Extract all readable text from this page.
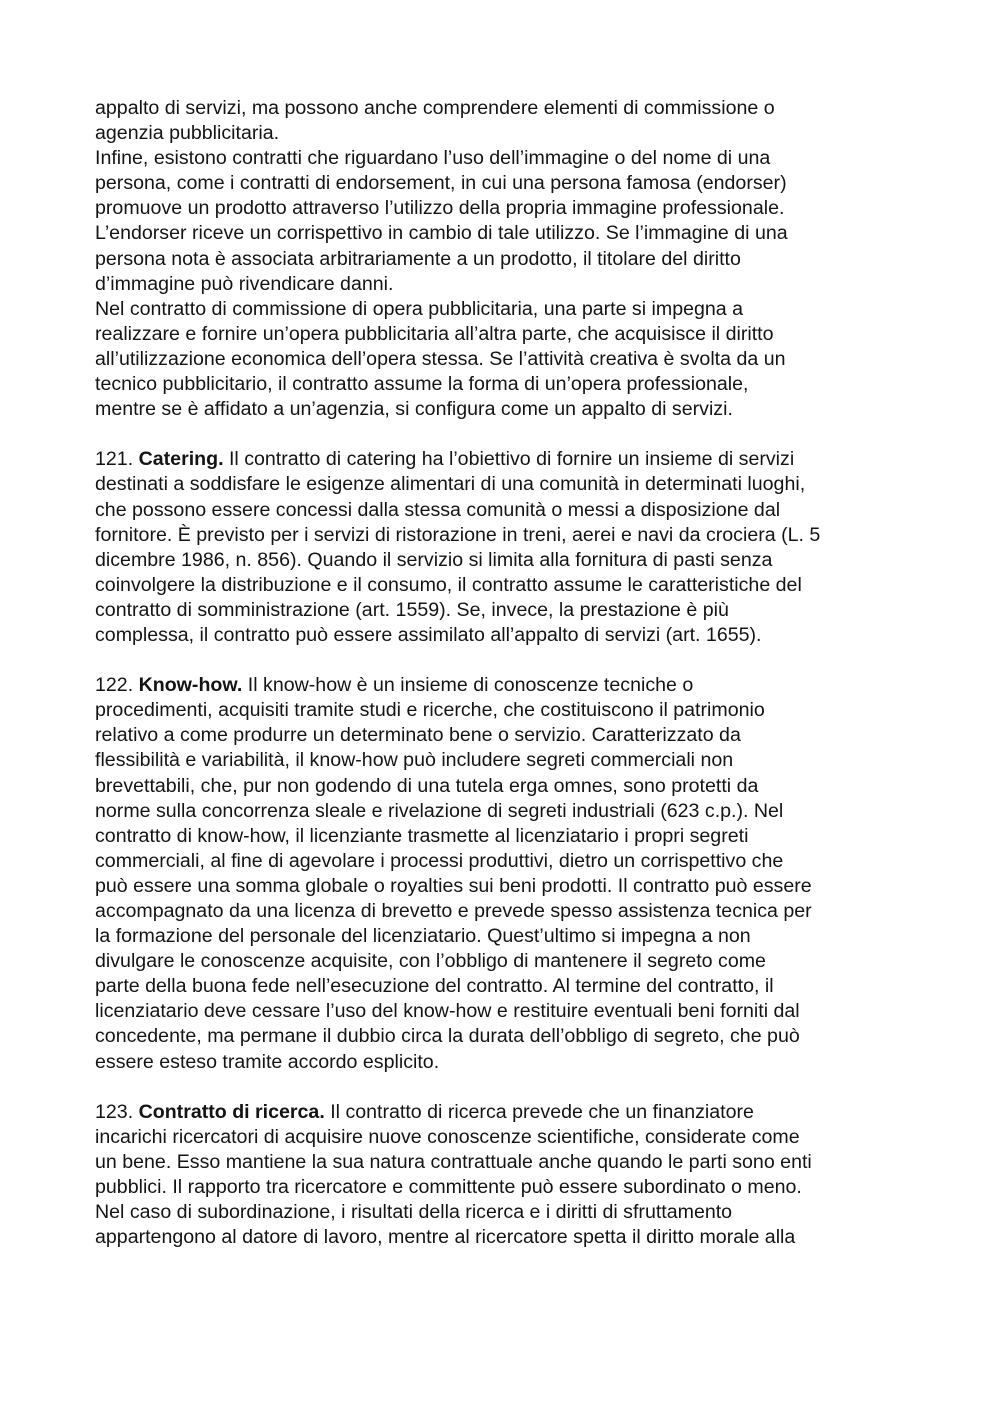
appalto di servizi, ma possono anche comprendere elementi di commissione o
agenzia pubblicitaria.
Infine, esistono contratti che riguardano l’uso dell’immagine o del nome di una
persona, come i contratti di endorsement, in cui una persona famosa (endorser)
promuove un prodotto attraverso l’utilizzo della propria immagine professionale.
L’endorser riceve un corrispettivo in cambio di tale utilizzo. Se l’immagine di una
persona nota è associata arbitrariamente a un prodotto, il titolare del diritto
d’immagine può rivendicare danni.
Nel contratto di commissione di opera pubblicitaria, una parte si impegna a
realizzare e fornire un’opera pubblicitaria all’altra parte, che acquisisce il diritto
all’utilizzazione economica dell’opera stessa. Se l’attività creativa è svolta da un
tecnico pubblicitario, il contratto assume la forma di un’opera professionale,
mentre se è affidato a un’agenzia, si configura come un appalto di servizi.
121. Catering. Il contratto di catering ha l’obiettivo di fornire un insieme di servizi
destinati a soddisfare le esigenze alimentari di una comunità in determinati luoghi,
che possono essere concessi dalla stessa comunità o messi a disposizione dal
fornitore. È previsto per i servizi di ristorazione in treni, aerei e navi da crociera (L. 5
dicembre 1986, n. 856). Quando il servizio si limita alla fornitura di pasti senza
coinvolgere la distribuzione e il consumo, il contratto assume le caratteristiche del
contratto di somministrazione (art. 1559). Se, invece, la prestazione è più
complessa, il contratto può essere assimilato all’appalto di servizi (art. 1655).
122. Know-how. Il know-how è un insieme di conoscenze tecniche o
procedimenti, acquisiti tramite studi e ricerche, che costituiscono il patrimonio
relativo a come produrre un determinato bene o servizio. Caratterizzato da
flessibilità e variabilità, il know-how può includere segreti commerciali non
brevettabili, che, pur non godendo di una tutela erga omnes, sono protetti da
norme sulla concorrenza sleale e rivelazione di segreti industriali (623 c.p.). Nel
contratto di know-how, il licenziante trasmette al licenziatario i propri segreti
commerciali, al fine di agevolare i processi produttivi, dietro un corrispettivo che
può essere una somma globale o royalties sui beni prodotti. Il contratto può essere
accompagnato da una licenza di brevetto e prevede spesso assistenza tecnica per
la formazione del personale del licenziatario. Quest’ultimo si impegna a non
divulgare le conoscenze acquisite, con l’obbligo di mantenere il segreto come
parte della buona fede nell’esecuzione del contratto. Al termine del contratto, il
licenziatario deve cessare l’uso del know-how e restituire eventuali beni forniti dal
concedente, ma permane il dubbio circa la durata dell’obbligo di segreto, che può
essere esteso tramite accordo esplicito.
123. Contratto di ricerca. Il contratto di ricerca prevede che un finanziatore
incarichi ricercatori di acquisire nuove conoscenze scientifiche, considerate come
un bene. Esso mantiene la sua natura contrattuale anche quando le parti sono enti
pubblici. Il rapporto tra ricercatore e committente può essere subordinato o meno.
Nel caso di subordinazione, i risultati della ricerca e i diritti di sfruttamento
appartengono al datore di lavoro, mentre al ricercatore spetta il diritto morale alla
